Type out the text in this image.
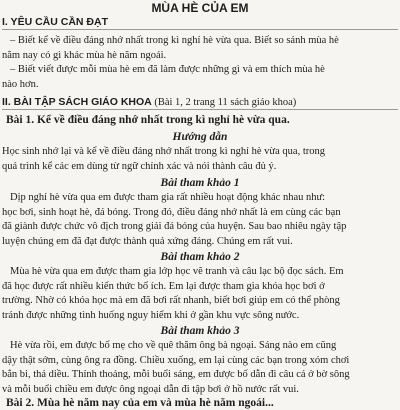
MÙA HÈ CỦA EM
I. YÊU CẦU CẦN ĐẠT
– Biết kể về điều đáng nhớ nhất trong kì nghỉ hè vừa qua. Biết so sánh mùa hè
năm nay có gì khác mùa hè năm ngoái.
– Biết viết được mỗi mùa hè em đã làm được những gì và em thích mùa hè
nào hơn.
II. BÀI TẬP SÁCH GIÁO KHOA (Bài 1, 2 trang 11 sách giáo khoa)
Bài 1. Kể về điều đáng nhớ nhất trong kì nghỉ hè vừa qua.
Hướng dẫn
Học sinh nhớ lại và kể về điều đáng nhớ nhất trong kì nghỉ hè vừa qua, trong
quá trình kể các em dùng từ ngữ chính xác và nói thành câu đủ ý.
Bài tham khảo 1
Dịp nghỉ hè vừa qua em được tham gia rất nhiều hoạt động khác nhau như:
học bơi, sinh hoạt hè, đá bóng. Trong đó, điều đáng nhớ nhất là em cùng các bạn
đã giành được chức vô địch trong giải đá bóng của huyện. Sau bao nhiêu ngày tập
luyện chúng em đã đạt được thành quả xứng đáng. Chúng em rất vui.
Bài tham khảo 2
Mùa hè vừa qua em được tham gia lớp học vẽ tranh và câu lạc bộ đọc sách. Em
đã học được rất nhiều kiến thức bổ ích. Em lại được tham gia khóa học bơi ở
trường. Nhờ có khóa học mà em đã bơi rất nhanh, biết bơi giúp em có thể phòng
tránh được những tình huống nguy hiểm khi ở gần khu vực sông nước.
Bài tham khảo 3
Hè vừa rồi, em được bố mẹ cho về quê thăm ông bà ngoại. Sáng nào em cũng
dậy thật sớm, cùng ông ra đồng. Chiều xuống, em lại cùng các bạn trong xóm chơi
bắn bi, thả diều. Thỉnh thoảng, mỗi buổi sáng, em được bố dẫn đi câu cá ở bờ sông
và mỗi buổi chiều em được ông ngoại dẫn đi tập bơi ở hồ nước rất vui.
Bài 2. Mùa hè năm nay của em và mùa hè năm ngoái...
